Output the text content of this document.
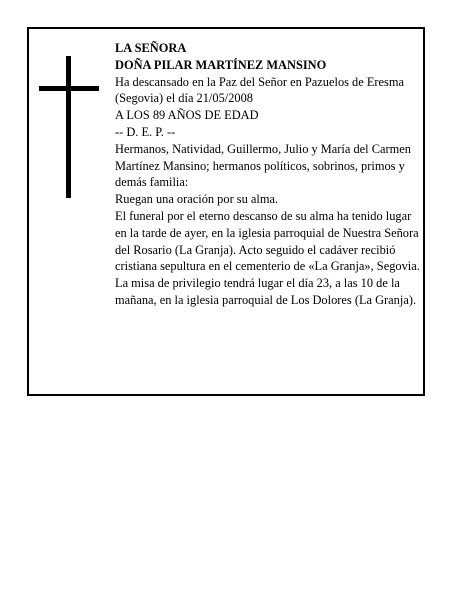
LA SEÑORA

DOÑA PILAR MARTÍNEZ MANSINO

Ha descansado en la Paz del Señor en Pazuelos de Eresma (Segovia) el día 21/05/2008

A LOS 89 AÑOS DE EDAD

-- D. E. P. --

Hermanos, Natividad, Guillermo, Julio y María del Carmen Martínez Mansino; hermanos políticos, sobrinos, primos y demás familia:

Ruegan una oración por su alma.

El funeral por el eterno descanso de su alma ha tenido lugar en la tarde de ayer, en la iglesia parroquial de Nuestra Señora del Rosario (La Granja). Acto seguido el cadáver recibió cristiana sepultura en el cementerio de «La Granja», Segovia.

La misa de privilegio tendrá lugar el día 23, a las 10 de la mañana, en la iglesia parroquial de Los Dolores (La Granja).
